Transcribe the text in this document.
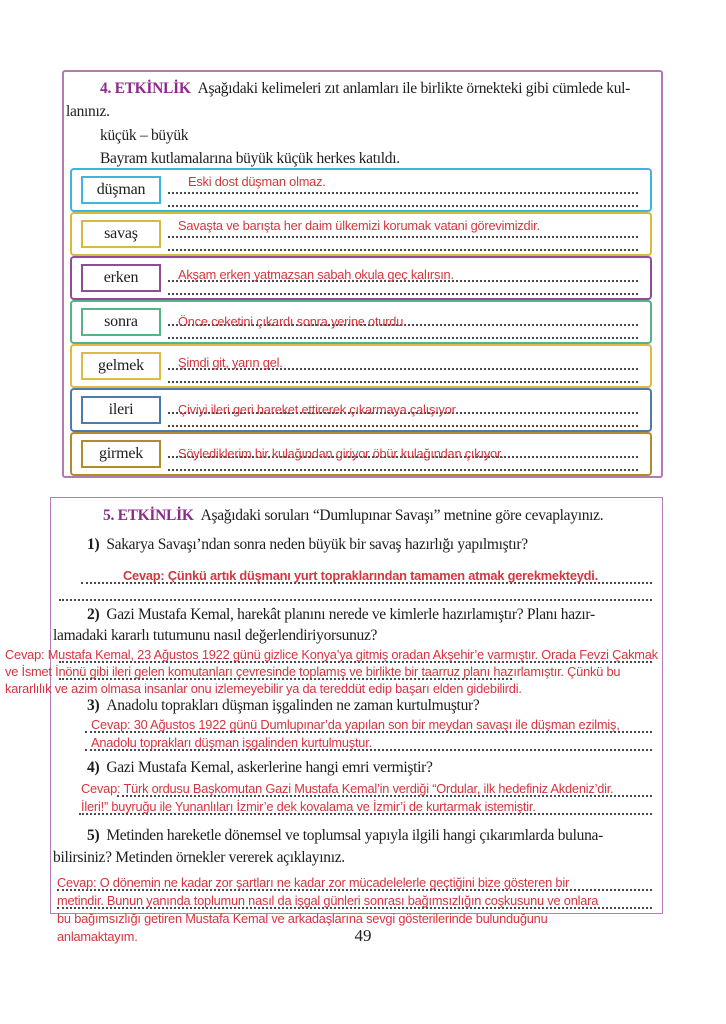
4. ETKİNLİK Aşağıdaki kelimeleri zıt anlamları ile birlikte örnekteki gibi cümlede kul-
lanınız.
küçük – büyük
Bayram kutlamalarına büyük küçük herkes katıldı.
düşman	Eski dost düşman olmaz.
savaş	Savaşta ve barışta her daim ülkemizi korumak vatani görevimizdir.
erken	Akşam erken yatmazsan sabah okula geç kalırsın.
sonra	Önce ceketini çıkardı sonra yerine oturdu.
gelmek	Şimdi git, yarın gel.
ileri	Çiviyi ileri geri hareket ettirerek çıkarmaya çalışıyor.
girmek	Söylediklerim bir kulağından giriyor öbür kulağından çıkıyor.
5. ETKİNLİK Aşağıdaki soruları “Dumlupınar Savaşı” metnine göre cevaplayınız.
1) Sakarya Savaşı’ndan sonra neden büyük bir savaş hazırlığı yapılmıştır?
Cevap: Çünkü artık düşmanı yurt topraklarından tamamen atmak gerekmekteydi.
2) Gazi Mustafa Kemal, harekât planını nerede ve kimlerle hazırlamıştır? Planı hazır-
lamadaki kararlı tutumunu nasıl değerlendiriyorsunuz?
Cevap: Mustafa Kemal, 23 Ağustos 1922 günü gizlice Konya’ya gitmiş oradan Akşehir’e varmıştır. Orada Fevzi Çakmak
ve İsmet İnönü gibi ileri gelen komutanları çevresinde toplamış ve birlikte bir taarruz planı hazırlamıştır. Çünkü bu
kararlılık ve azim olmasa insanlar onu izlemeyebilir ya da tereddüt edip başarı elden gidebilirdi.
3) Anadolu toprakları düşman işgalinden ne zaman kurtulmuştur?
Cevap: 30 Ağustos 1922 günü Dumlupınar’da yapılan son bir meydan savaşı ile düşman ezilmiş,
Anadolu toprakları düşman işgalinden kurtulmuştur.
4) Gazi Mustafa Kemal, askerlerine hangi emri vermiştir?
Cevap: Türk ordusu Başkomutan Gazi Mustafa Kemal’in verdiği “Ordular, ilk hedefiniz Akdeniz’dir.
İleri!” buyruğu ile Yunanlıları İzmir’e dek kovalama ve İzmir’i de kurtarmak istemiştir.
5) Metinden hareketle dönemsel ve toplumsal yapıyla ilgili hangi çıkarımlarda buluna-
bilirsiniz? Metinden örnekler vererek açıklayınız.
Cevap: O dönemin ne kadar zor şartları ne kadar zor mücadelelerle geçtiğini bize gösteren bir
metindir. Bunun yanında toplumun nasıl da işgal günleri sonrası bağımsızlığın coşkusunu ve onlara
bu bağımsızlığı getiren Mustafa Kemal ve arkadaşlarına sevgi gösterilerinde bulunduğunu
anlamaktayım.	49
